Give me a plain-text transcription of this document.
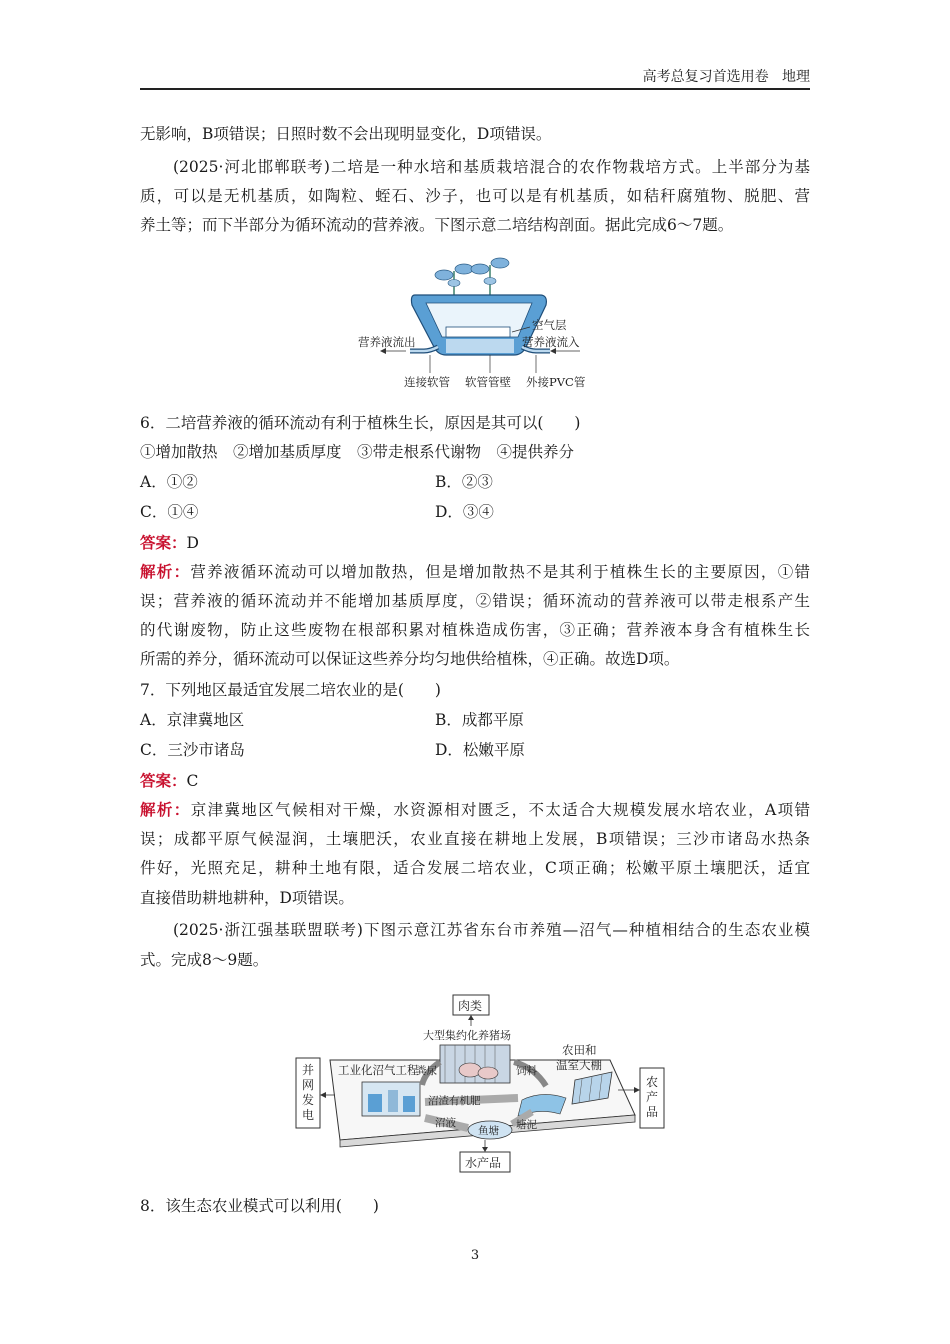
高考总复习首选用卷 地理
无影响，B项错误；日照时数不会出现明显变化，D项错误。
(2025·河北邯郸联考)二培是一种水培和基质栽培混合的农作物栽培方式。上半部分为基
质，可以是无机基质，如陶粒、蛭石、沙子，也可以是有机基质，如秸秆腐殖物、脱肥、营
养土等；而下半部分为循环流动的营养液。下图示意二培结构剖面。据此完成6～7题。
空气层
营养液流出	营养液流入
连接软管 软管管壁 外接PVC管
6．二培营养液的循环流动有利于植株生长，原因是其可以(　　)
①增加散热　②增加基质厚度　③带走根系代谢物　④提供养分
A．①②	B．②③
C．①④	D．③④
答案：D
解析：营养液循环流动可以增加散热，但是增加散热不是其利于植株生长的主要原因，①错
误；营养液的循环流动并不能增加基质厚度，②错误；循环流动的营养液可以带走根系产生
的代谢废物，防止这些废物在根部积累对植株造成伤害，③正确；营养液本身含有植株生长
所需的养分，循环流动可以保证这些养分均匀地供给植株，④正确。故选D项。
7．下列地区最适宜发展二培农业的是(　　)
A．京津冀地区	B．成都平原
C．三沙市诸岛	D．松嫩平原
答案：C
解析：京津冀地区气候相对干燥，水资源相对匮乏，不太适合大规模发展水培农业，A项错
误；成都平原气候湿润，土壤肥沃，农业直接在耕地上发展，B项错误；三沙市诸岛水热条
件好，光照充足，耕种土地有限，适合发展二培农业，C项正确；松嫩平原土壤肥沃，适宜
直接借助耕地耕种，D项错误。
(2025·浙江强基联盟联考)下图示意江苏省东台市养殖—沼气—种植相结合的生态农业模
式。完成8～9题。
肉类
大型集约化养猪场
工业化沼气工程
农田和
温室大棚
并网发电
农产品
粪尿	饲料
沼渣有机肥
沼液
鱼塘 塘泥
水产品
8．该生态农业模式可以利用(　　)
3
